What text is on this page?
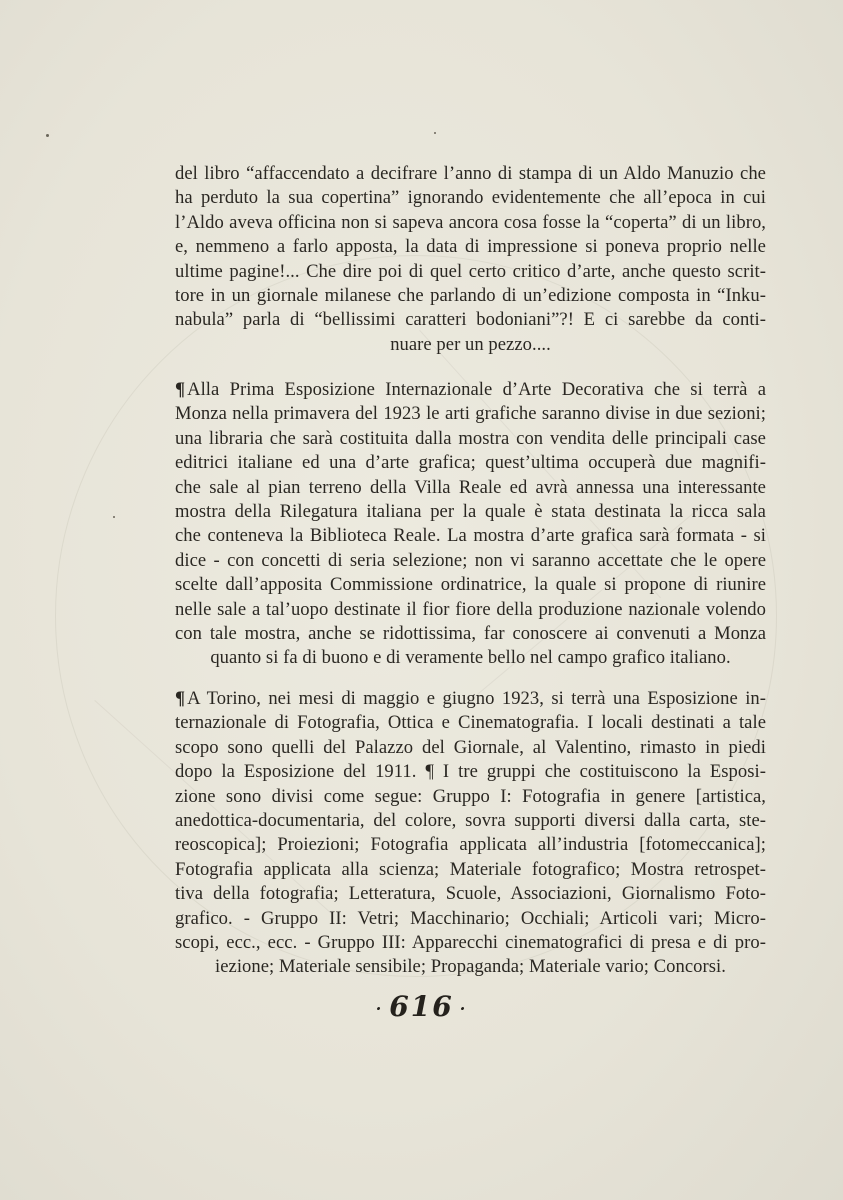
del libro “affaccendato a decifrare l’anno di stampa di un Aldo Manuzio che
ha perduto la sua copertina” ignorando evidentemente che all’epoca in cui
l’Aldo aveva officina non si sapeva ancora cosa fosse la “coperta” di un libro,
e, nemmeno a farlo apposta, la data di impressione si poneva proprio nelle
ultime pagine!... Che dire poi di quel certo critico d’arte, anche questo scrit-
tore in un giornale milanese che parlando di un’edizione composta in “Inku-
nabula” parla di “bellissimi caratteri bodoniani”?! E ci sarebbe da conti-
nuare per un pezzo....
¶ Alla Prima Esposizione Internazionale d’Arte Decorativa che si terrà a
Monza nella primavera del 1923 le arti grafiche saranno divise in due sezioni;
una libraria che sarà costituita dalla mostra con vendita delle principali case
editrici italiane ed una d’arte grafica; quest’ultima occuperà due magnifi-
che sale al pian terreno della Villa Reale ed avrà annessa una interessante
mostra della Rilegatura italiana per la quale è stata destinata la ricca sala
che conteneva la Biblioteca Reale. La mostra d’arte grafica sarà formata - si
dice - con concetti di seria selezione; non vi saranno accettate che le opere
scelte dall’apposita Commissione ordinatrice, la quale si propone di riunire
nelle sale a tal’uopo destinate il fior fiore della produzione nazionale volendo
con tale mostra, anche se ridottissima, far conoscere ai convenuti a Monza
quanto si fa di buono e di veramente bello nel campo grafico italiano.
¶ A Torino, nei mesi di maggio e giugno 1923, si terrà una Esposizione in-
ternazionale di Fotografia, Ottica e Cinematografia. I locali destinati a tale
scopo sono quelli del Palazzo del Giornale, al Valentino, rimasto in piedi
dopo la Esposizione del 1911. ¶ I tre gruppi che costituiscono la Esposi-
zione sono divisi come segue: Gruppo I: Fotografia in genere [artistica,
anedottica-documentaria, del colore, sovra supporti diversi dalla carta, ste-
reoscopica]; Proiezioni; Fotografia applicata all’industria [fotomeccanica];
Fotografia applicata alla scienza; Materiale fotografico; Mostra retrospet-
tiva della fotografia; Letteratura, Scuole, Associazioni, Giornalismo Foto-
grafico. - Gruppo II: Vetri; Macchinario; Occhiali; Articoli vari; Micro-
scopi, ecc., ecc. - Gruppo III: Apparecchi cinematografici di presa e di pro-
iezione; Materiale sensibile; Propaganda; Materiale vario; Concorsi.
· 616 ·
